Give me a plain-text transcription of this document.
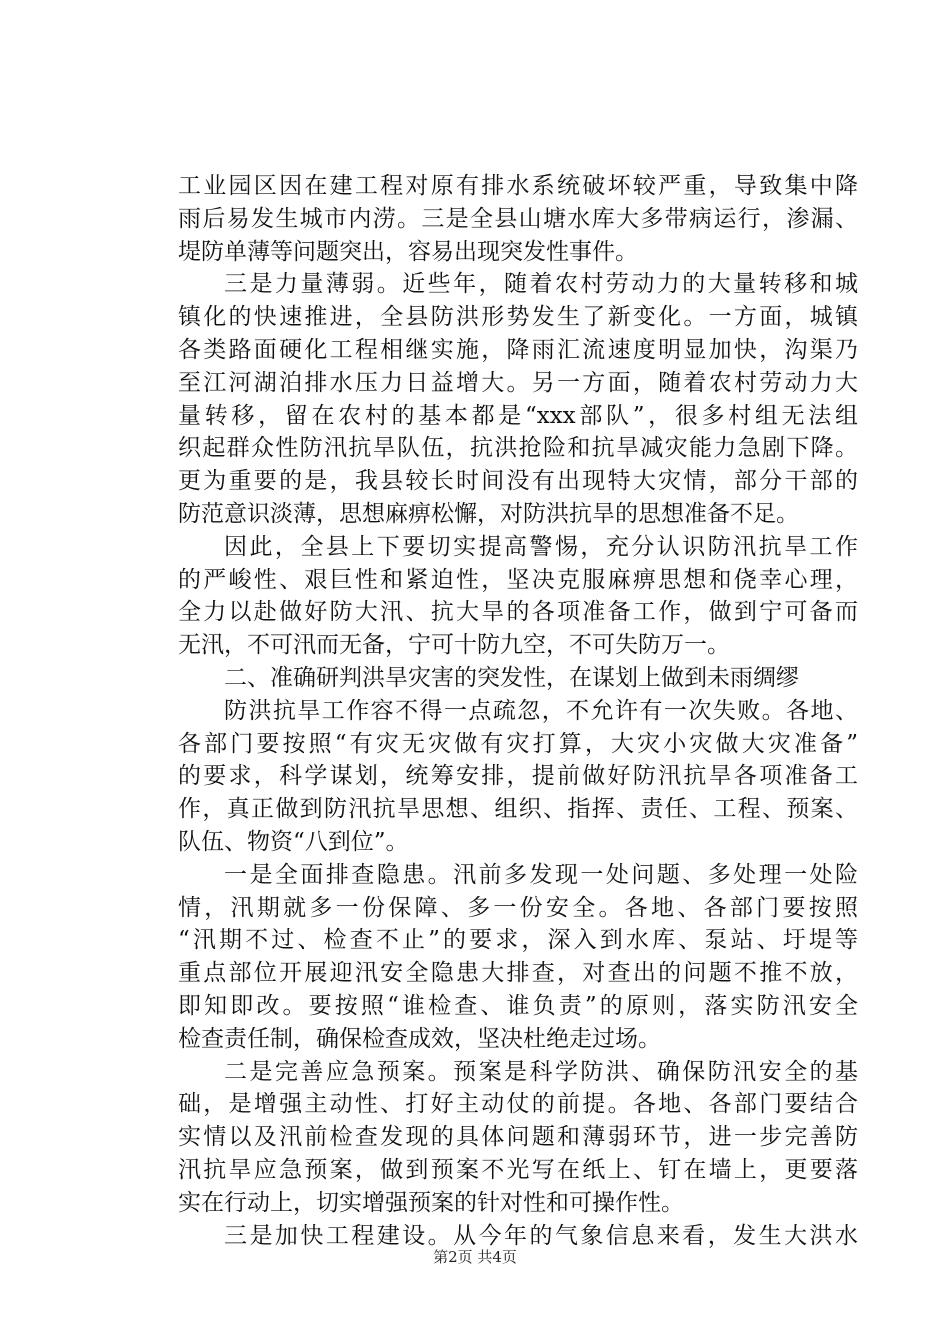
工业园区因在建工程对原有排水系统破坏较严重，导致集中降
雨后易发生城市内涝。三是全县山塘水库大多带病运行，渗漏、
堤防单薄等问题突出，容易出现突发性事件。
三是力量薄弱。近些年，随着农村劳动力的大量转移和城
镇化的快速推进，全县防洪形势发生了新变化。一方面，城镇
各类路面硬化工程相继实施，降雨汇流速度明显加快，沟渠乃
至江河湖泊排水压力日益增大。另一方面，随着农村劳动力大
量转移，留在农村的基本都是“xxx部队”，很多村组无法组
织起群众性防汛抗旱队伍，抗洪抢险和抗旱减灾能力急剧下降。
更为重要的是，我县较长时间没有出现特大灾情，部分干部的
防范意识淡薄，思想麻痹松懈，对防洪抗旱的思想准备不足。
因此，全县上下要切实提高警惕，充分认识防汛抗旱工作
的严峻性、艰巨性和紧迫性，坚决克服麻痹思想和侥幸心理，
全力以赴做好防大汛、抗大旱的各项准备工作，做到宁可备而
无汛，不可汛而无备，宁可十防九空，不可失防万一。
二、准确研判洪旱灾害的突发性，在谋划上做到未雨绸缪
防洪抗旱工作容不得一点疏忽，不允许有一次失败。各地、
各部门要按照“有灾无灾做有灾打算，大灾小灾做大灾准备”
的要求，科学谋划，统筹安排，提前做好防汛抗旱各项准备工
作，真正做到防汛抗旱思想、组织、指挥、责任、工程、预案、
队伍、物资“八到位”。
一是全面排查隐患。汛前多发现一处问题、多处理一处险
情，汛期就多一份保障、多一份安全。各地、各部门要按照
“汛期不过、检查不止”的要求，深入到水库、泵站、圩堤等
重点部位开展迎汛安全隐患大排查，对查出的问题不推不放，
即知即改。要按照“谁检查、谁负责”的原则，落实防汛安全
检查责任制，确保检查成效，坚决杜绝走过场。
二是完善应急预案。预案是科学防洪、确保防汛安全的基
础，是增强主动性、打好主动仗的前提。各地、各部门要结合
实情以及汛前检查发现的具体问题和薄弱环节，进一步完善防
汛抗旱应急预案，做到预案不光写在纸上、钉在墙上，更要落
实在行动上，切实增强预案的针对性和可操作性。
三是加快工程建设。从今年的气象信息来看，发生大洪水
第2页 共4页
